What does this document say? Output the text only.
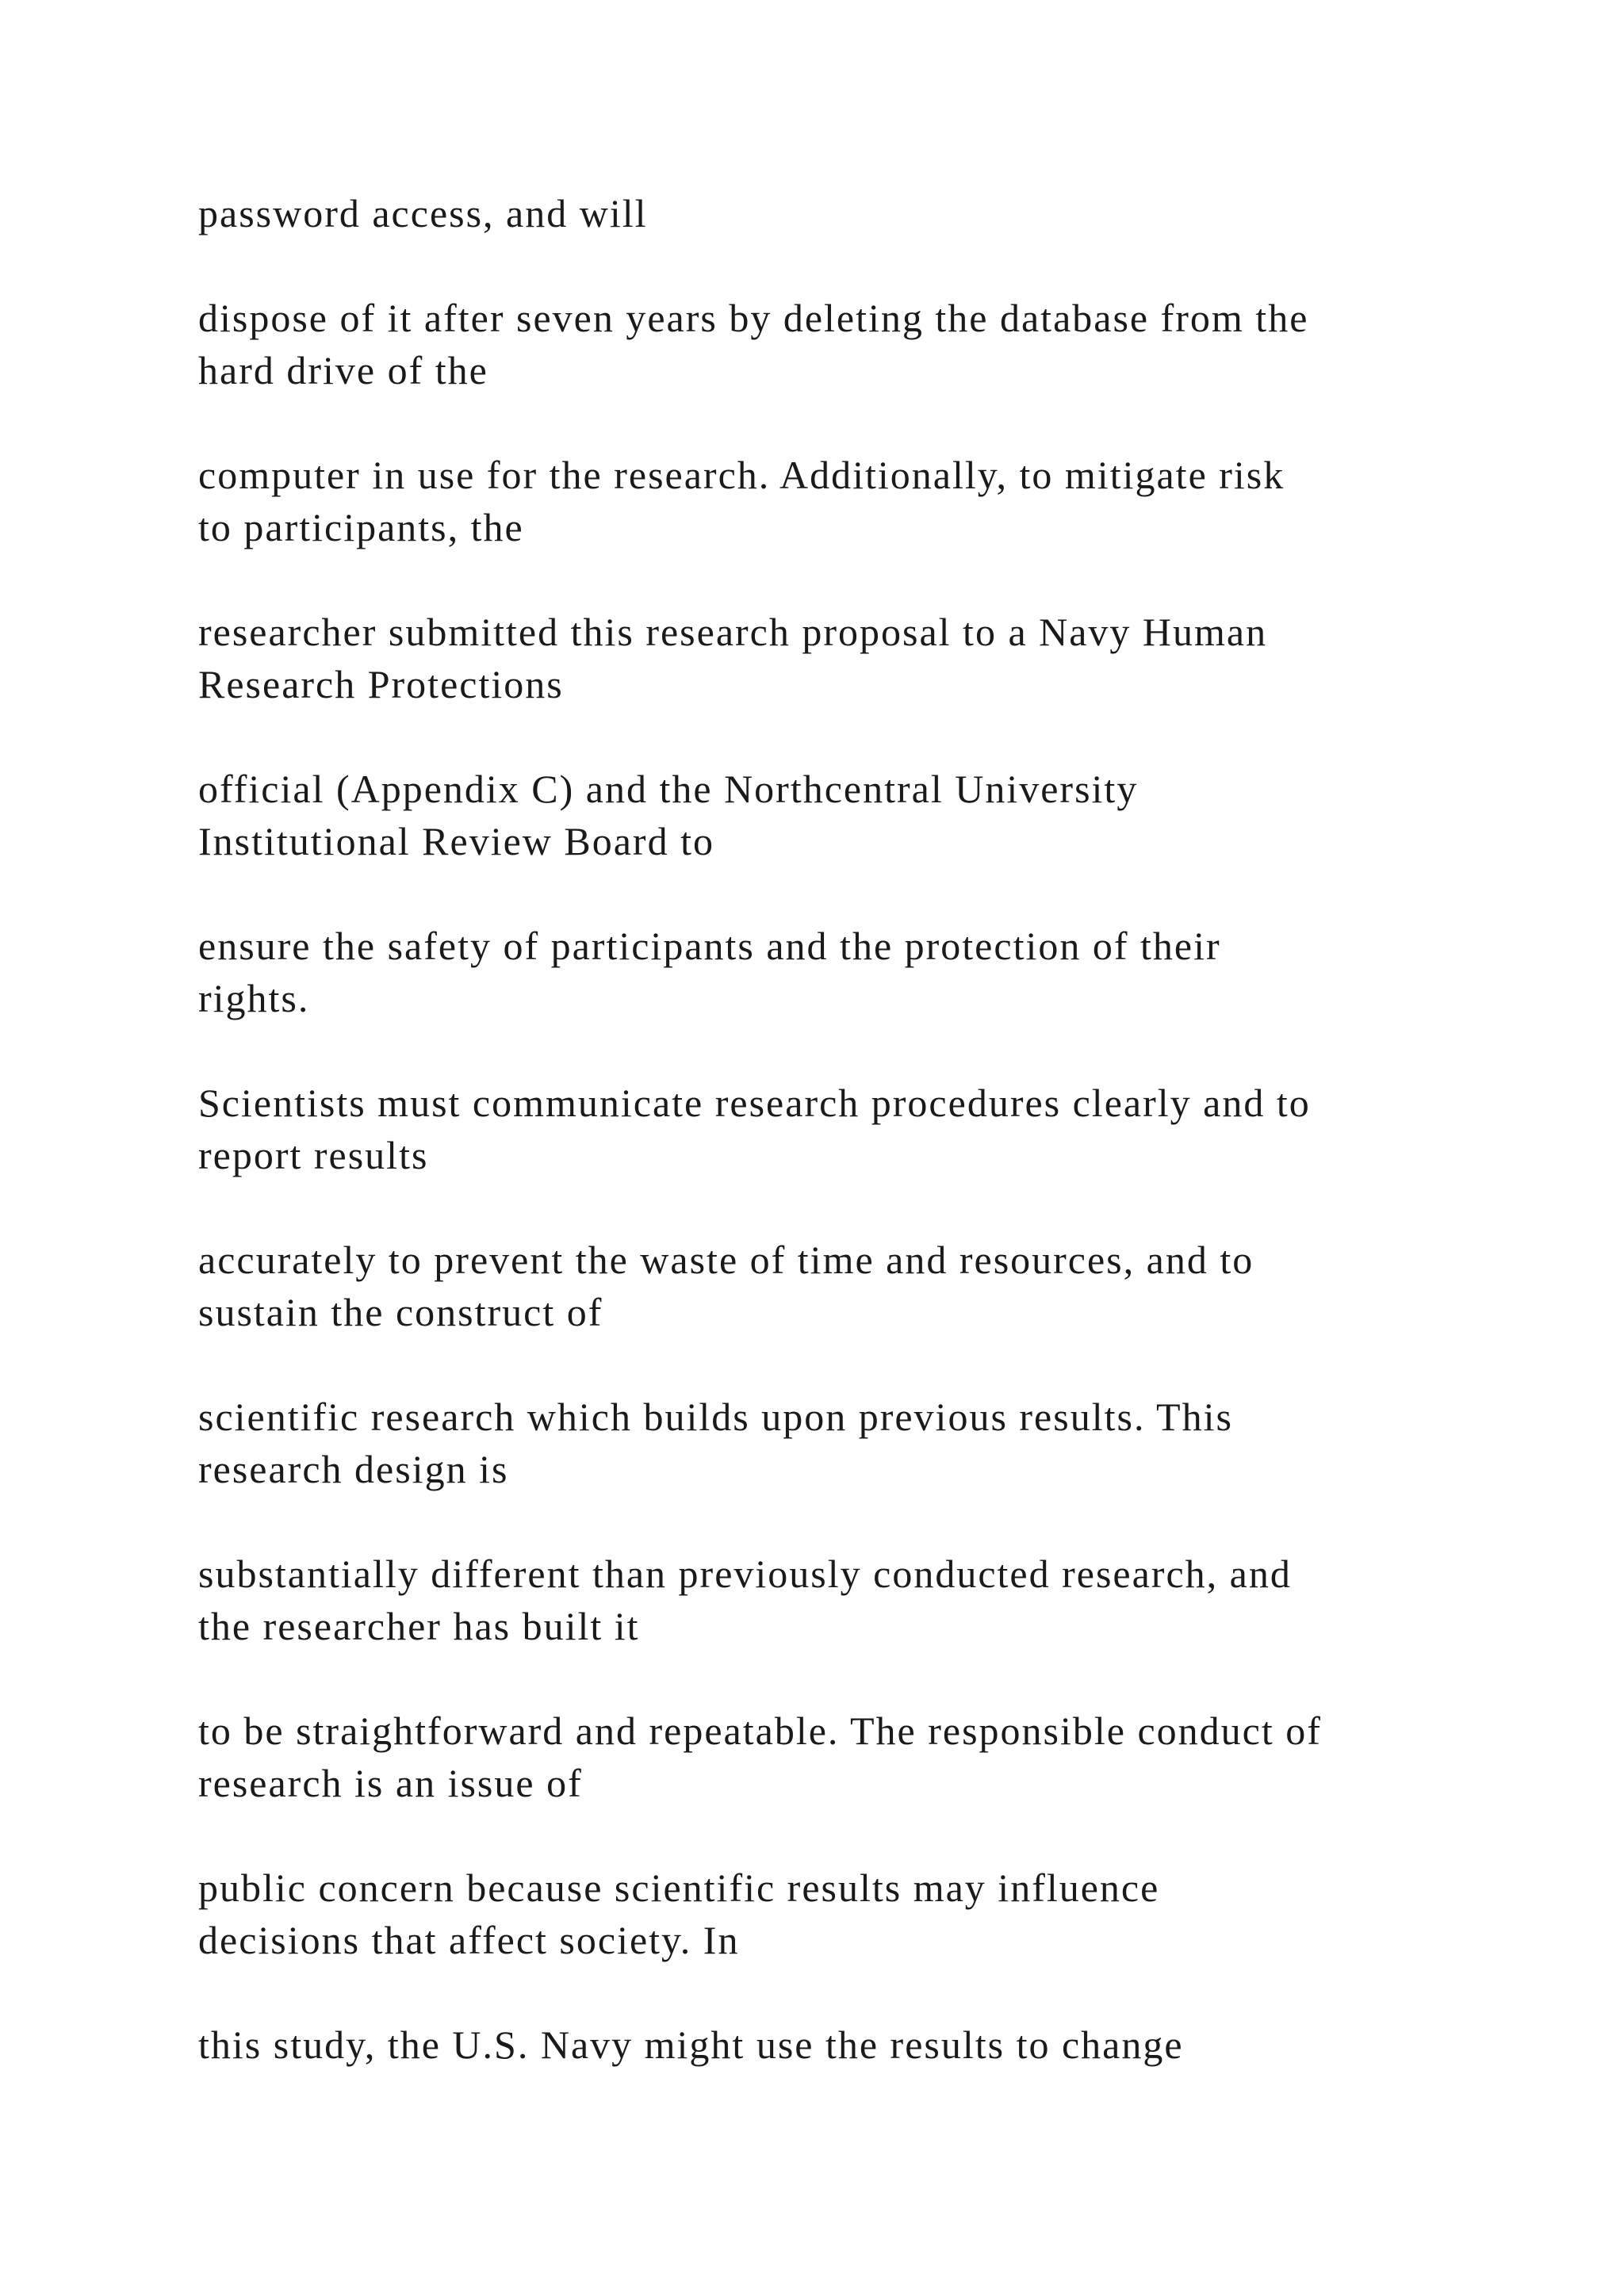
password access, and will

dispose of it after seven years by deleting the database from the
hard drive of the

computer in use for the research. Additionally, to mitigate risk
to participants, the

researcher submitted this research proposal to a Navy Human
Research Protections

official (Appendix C) and the Northcentral University
Institutional Review Board to

ensure the safety of participants and the protection of their
rights.

Scientists must communicate research procedures clearly and to
report results

accurately to prevent the waste of time and resources, and to
sustain the construct of

scientific research which builds upon previous results. This
research design is

substantially different than previously conducted research, and
the researcher has built it

to be straightforward and repeatable. The responsible conduct of
research is an issue of

public concern because scientific results may influence
decisions that affect society. In

this study, the U.S. Navy might use the results to change
